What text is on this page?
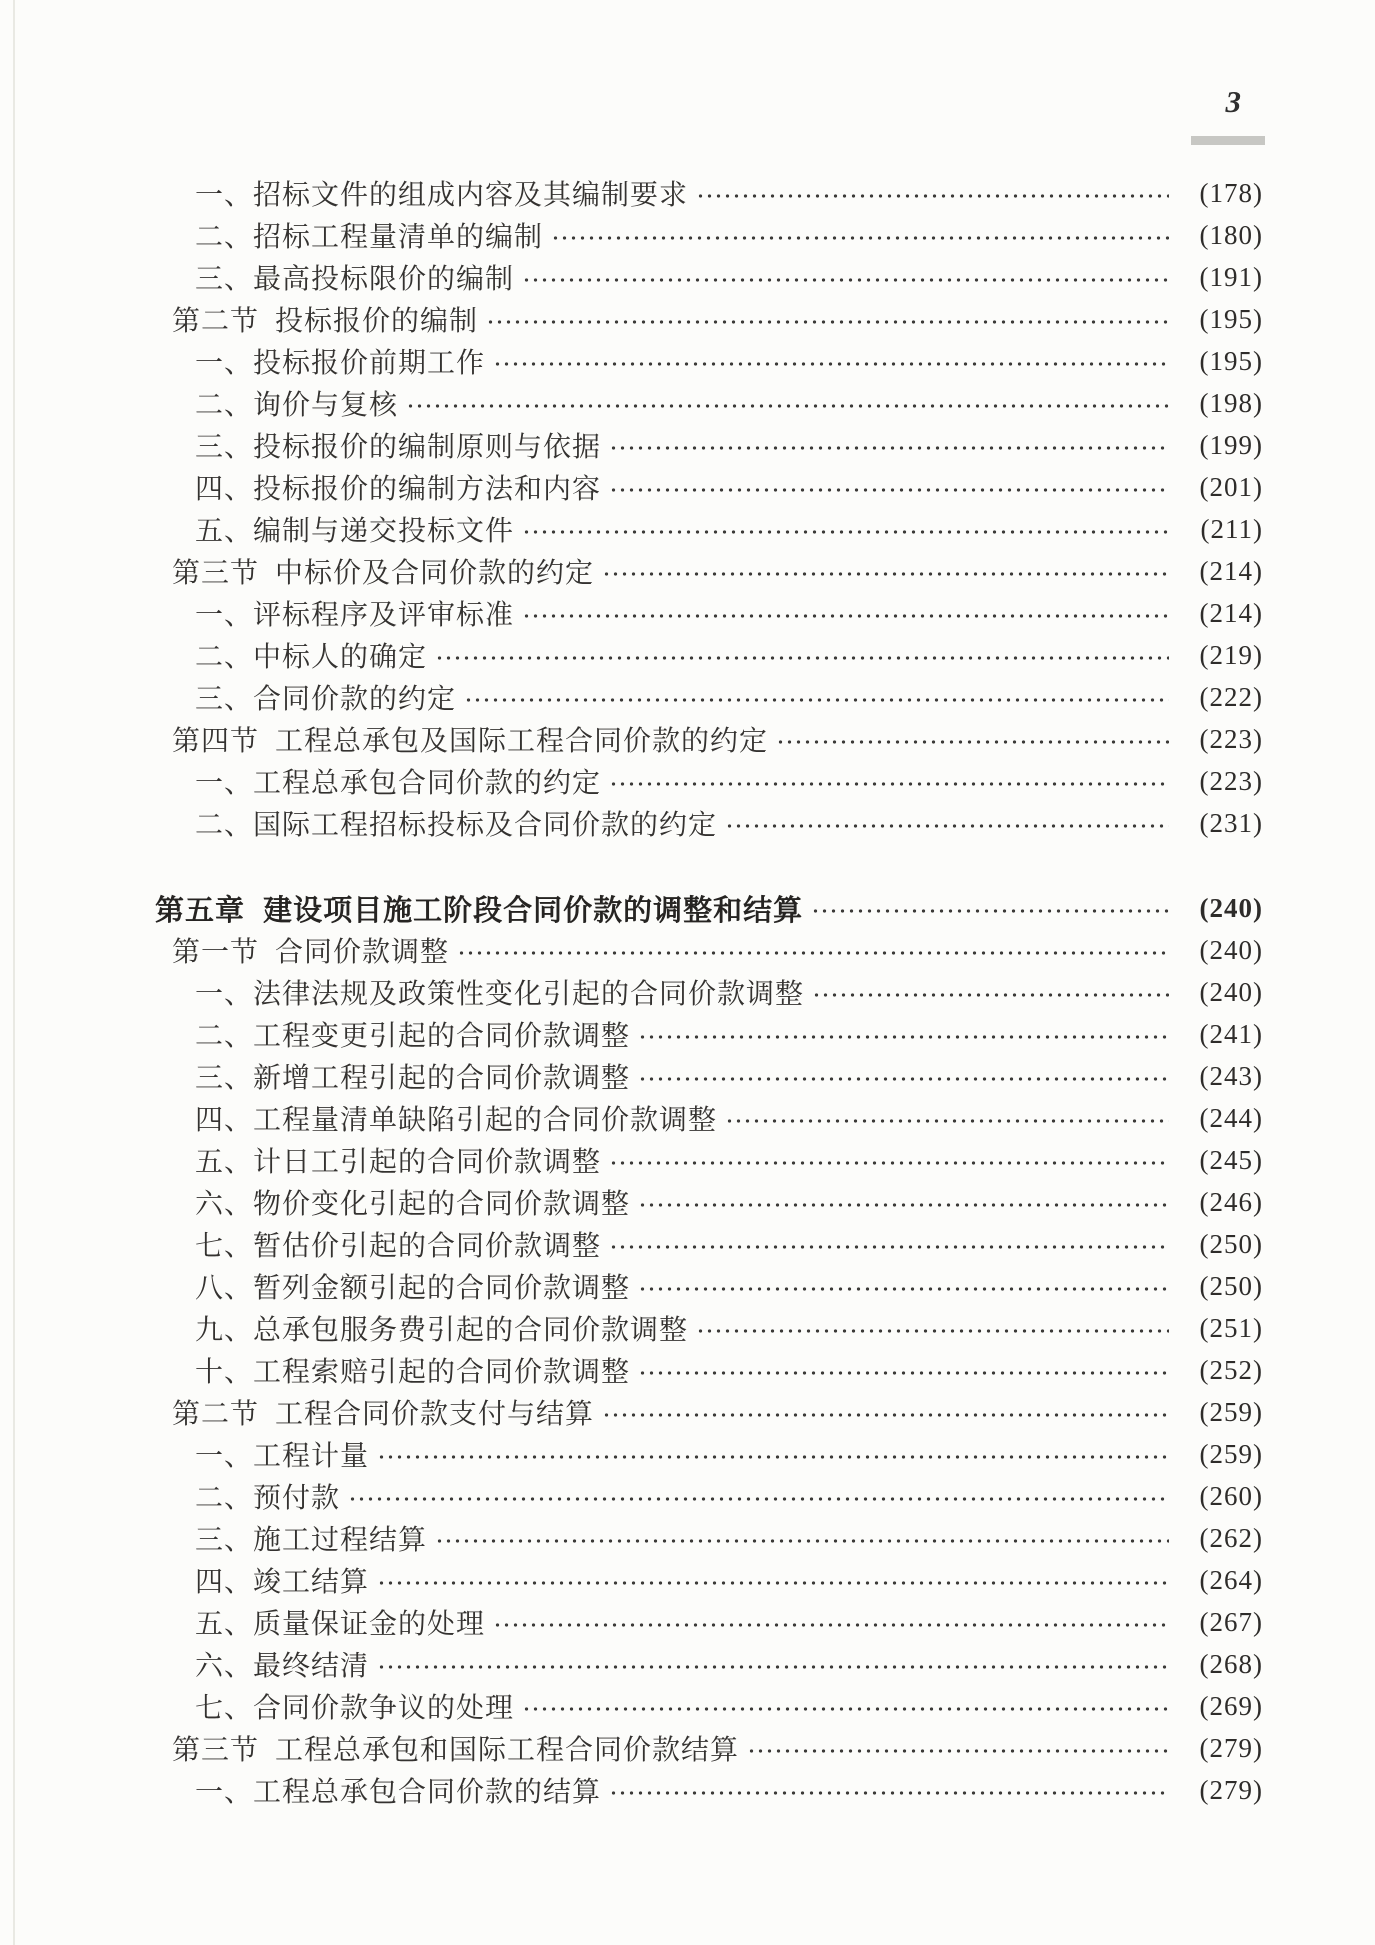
3
一、招标文件的组成内容及其编制要求	(178)
二、招标工程量清单的编制	(180)
三、最高投标限价的编制	(191)
第二节  投标报价的编制	(195)
一、投标报价前期工作	(195)
二、询价与复核	(198)
三、投标报价的编制原则与依据	(199)
四、投标报价的编制方法和内容	(201)
五、编制与递交投标文件	(211)
第三节  中标价及合同价款的约定	(214)
一、评标程序及评审标准	(214)
二、中标人的确定	(219)
三、合同价款的约定	(222)
第四节  工程总承包及国际工程合同价款的约定	(223)
一、工程总承包合同价款的约定	(223)
二、国际工程招标投标及合同价款的约定	(231)
第五章  建设项目施工阶段合同价款的调整和结算	(240)
第一节  合同价款调整	(240)
一、法律法规及政策性变化引起的合同价款调整	(240)
二、工程变更引起的合同价款调整	(241)
三、新增工程引起的合同价款调整	(243)
四、工程量清单缺陷引起的合同价款调整	(244)
五、计日工引起的合同价款调整	(245)
六、物价变化引起的合同价款调整	(246)
七、暂估价引起的合同价款调整	(250)
八、暂列金额引起的合同价款调整	(250)
九、总承包服务费引起的合同价款调整	(251)
十、工程索赔引起的合同价款调整	(252)
第二节  工程合同价款支付与结算	(259)
一、工程计量	(259)
二、预付款	(260)
三、施工过程结算	(262)
四、竣工结算	(264)
五、质量保证金的处理	(267)
六、最终结清	(268)
七、合同价款争议的处理	(269)
第三节  工程总承包和国际工程合同价款结算	(279)
一、工程总承包合同价款的结算	(279)
